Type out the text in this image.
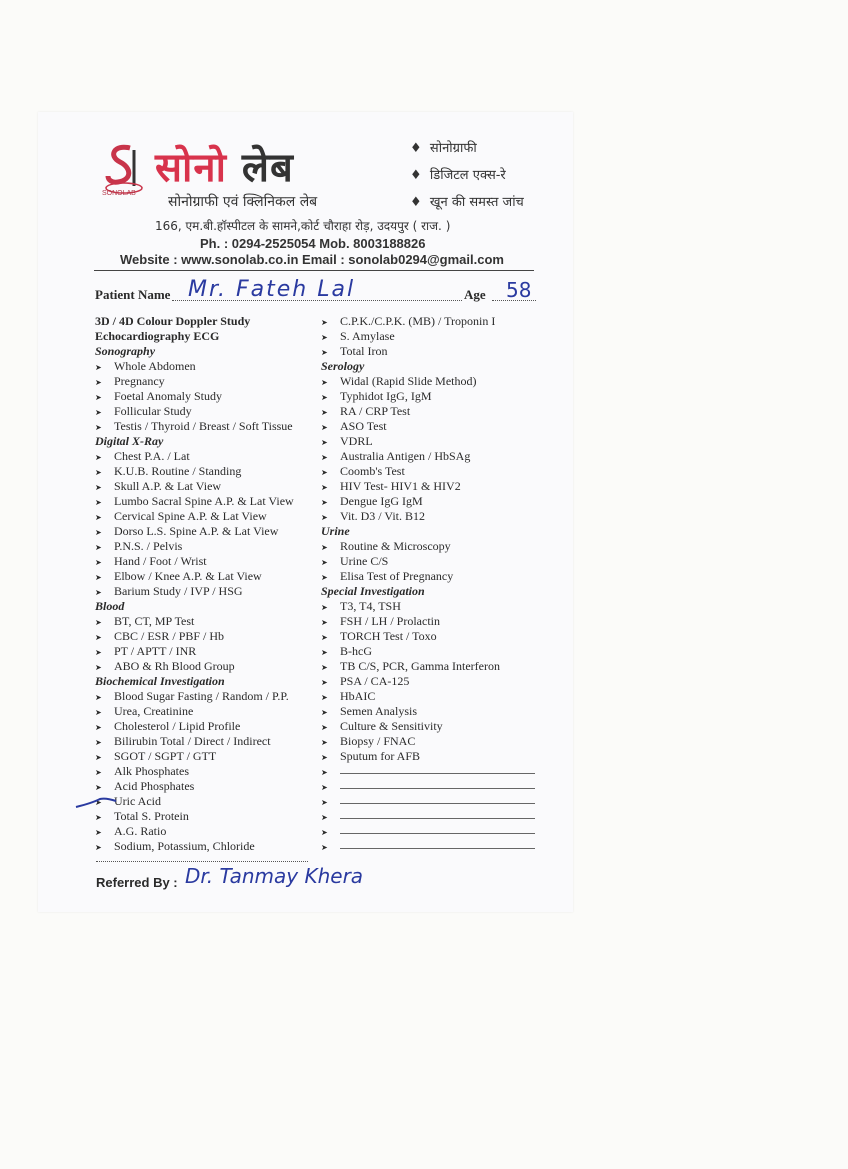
SONOLAB
सोनो लेब
सोनोग्राफी एवं क्लिनिकल लेब
♦  सोनोग्राफी
♦  डिजिटल एक्स-रे
♦  खून की समस्त जांच
166, एम.बी.हॉस्पीटल के सामने,कोर्ट चौराहा रोड़, उदयपुर ( राज. )
Ph. : 0294-2525054 Mob. 8003188826
Website : www.sonolab.co.in Email : sonolab0294@gmail.com
Patient Name Mr. Fateh Lal	Age 58
3D / 4D Colour Doppler Study
Echocardiography ECG
Sonography
➤ Whole Abdomen
➤ Pregnancy
➤ Foetal Anomaly Study
➤ Follicular Study
➤ Testis / Thyroid / Breast / Soft Tissue
Digital X-Ray
➤ Chest P.A. / Lat
➤ K.U.B. Routine / Standing
➤ Skull A.P. & Lat View
➤ Lumbo Sacral Spine A.P. & Lat View
➤ Cervical Spine A.P. & Lat View
➤ Dorso L.S. Spine A.P. & Lat View
➤ P.N.S. / Pelvis
➤ Hand / Foot / Wrist
➤ Elbow / Knee A.P. & Lat View
➤ Barium Study / IVP / HSG
Blood
➤ BT, CT, MP Test
➤ CBC / ESR / PBF / Hb
➤ PT / APTT / INR
➤ ABO & Rh Blood Group
Biochemical Investigation
➤ Blood Sugar Fasting / Random / P.P.
➤ Urea, Creatinine
➤ Cholesterol / Lipid Profile
➤ Bilirubin Total / Direct / Indirect
➤ SGOT / SGPT / GTT
➤ Alk Phosphates
➤ Acid Phosphates
➤ Uric Acid
➤ Total S. Protein
➤ A.G. Ratio
➤ Sodium, Potassium, Chloride
➤ C.P.K./C.P.K. (MB) / Troponin I
➤ S. Amylase
➤ Total Iron
Serology
➤ Widal (Rapid Slide Method)
➤ Typhidot IgG, IgM
➤ RA / CRP Test
➤ ASO Test
➤ VDRL
➤ Australia Antigen / HbSAg
➤ Coomb's Test
➤ HIV Test- HIV1 & HIV2
➤ Dengue IgG IgM
➤ Vit. D3 / Vit. B12
Urine
➤ Routine & Microscopy
➤ Urine C/S
➤ Elisa Test of Pregnancy
Special Investigation
➤ T3, T4, TSH
➤ FSH / LH / Prolactin
➤ TORCH Test / Toxo
➤ B-hcG
➤ TB C/S, PCR, Gamma Interferon
➤ PSA / CA-125
➤ HbAIC
➤ Semen Analysis
➤ Culture & Sensitivity
➤ Biopsy / FNAC
➤ Sputum for AFB
➤
➤
➤
➤
➤
➤
Referred By : Dr. Tanmay Khera
